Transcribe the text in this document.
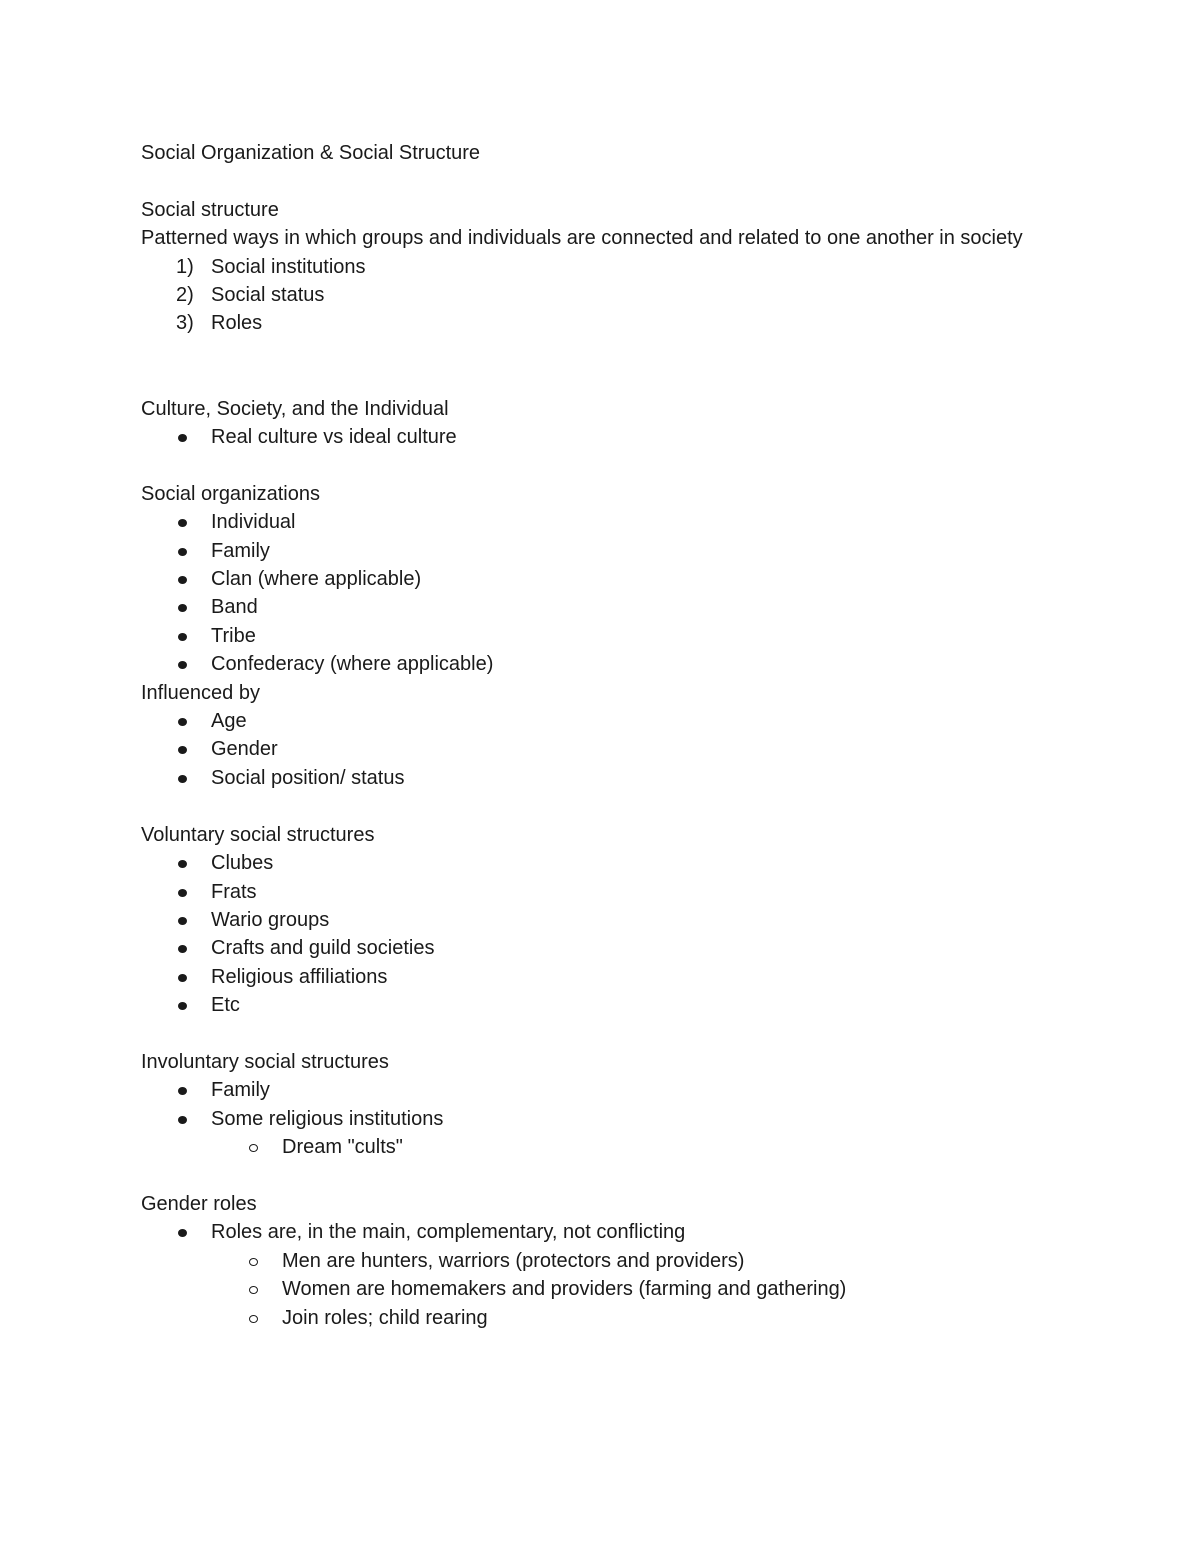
Social Organization & Social Structure

Social structure

Patterned ways in which groups and individuals are connected and related to one another in society

1) Social institutions
2) Social status
3) Roles

Culture, Society, and the Individual

Real culture vs ideal culture

Social organizations

Individual
Family
Clan (where applicable)
Band
Tribe
Confederacy (where applicable)

Influenced by

Age
Gender
Social position/ status

Voluntary social structures

Clubes
Frats
Wario groups
Crafts and guild societies
Religious affiliations
Etc

Involuntary social structures

Family
Some religious institutions
Dream "cults"

Gender roles

Roles are, in the main, complementary, not conflicting
Men are hunters, warriors (protectors and providers)
Women are homemakers and providers (farming and gathering)
Join roles; child rearing
